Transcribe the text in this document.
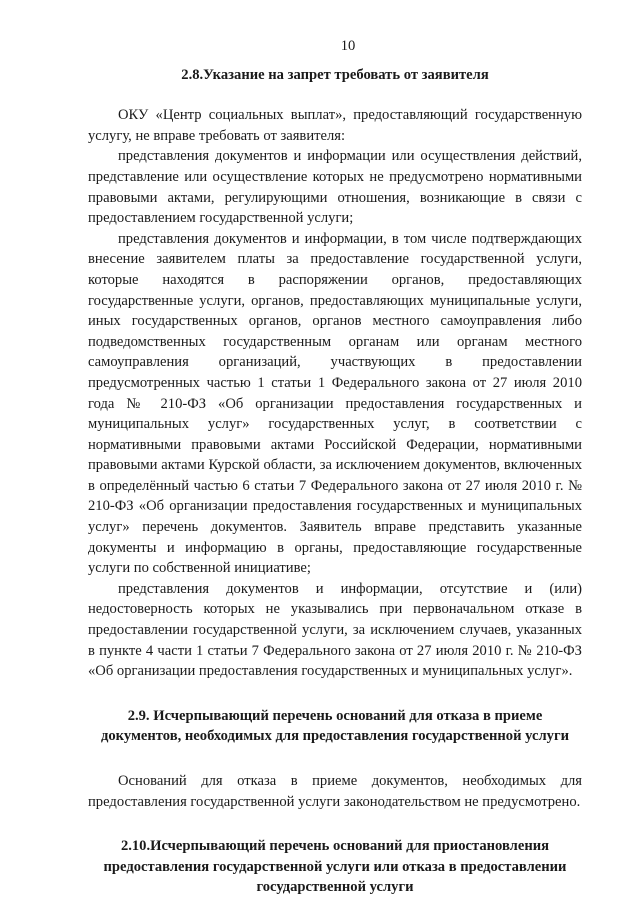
10
2.8.Указание на запрет требовать от заявителя

ОКУ «Центр социальных выплат», предоставляющий государственную услугу, не вправе требовать от заявителя:

представления документов и информации или осуществления действий, представление или осуществление которых не предусмотрено нормативными правовыми актами, регулирующими отношения, возникающие в связи с предоставлением государственной услуги;

представления документов и информации, в том числе подтверждающих внесение заявителем платы за предоставление государственной услуги, которые находятся в распоряжении органов, предоставляющих государственные услуги, органов, предоставляющих муниципальные услуги, иных государственных органов, органов местного самоуправления либо подведомственных государственным органам или органам местного самоуправления организаций, участвующих в предоставлении предусмотренных частью 1 статьи 1 Федерального закона от 27 июля 2010 года № 210-ФЗ «Об организации предоставления государственных и муниципальных услуг» государственных услуг, в соответствии с нормативными правовыми актами Российской Федерации, нормативными правовыми актами Курской области, за исключением документов, включенных в определённый частью 6 статьи 7 Федерального закона от 27 июля 2010 г. № 210-ФЗ «Об организации предоставления государственных и муниципальных услуг» перечень документов. Заявитель вправе представить указанные документы и информацию в органы, предоставляющие государственные услуги по собственной инициативе;

представления документов и информации, отсутствие и (или) недостоверность которых не указывались при первоначальном отказе в предоставлении государственной услуги, за исключением случаев, указанных в пункте 4 части 1 статьи 7 Федерального закона от 27 июля 2010 г. № 210-ФЗ «Об организации предоставления государственных и муниципальных услуг».

2.9. Исчерпывающий перечень оснований для отказа в приеме документов, необходимых для предоставления государственной услуги

Оснований для отказа в приеме документов, необходимых для предоставления государственной услуги законодательством не предусмотрено.

2.10.Исчерпывающий перечень оснований для приостановления предоставления государственной услуги или отказа в предоставлении государственной услуги
